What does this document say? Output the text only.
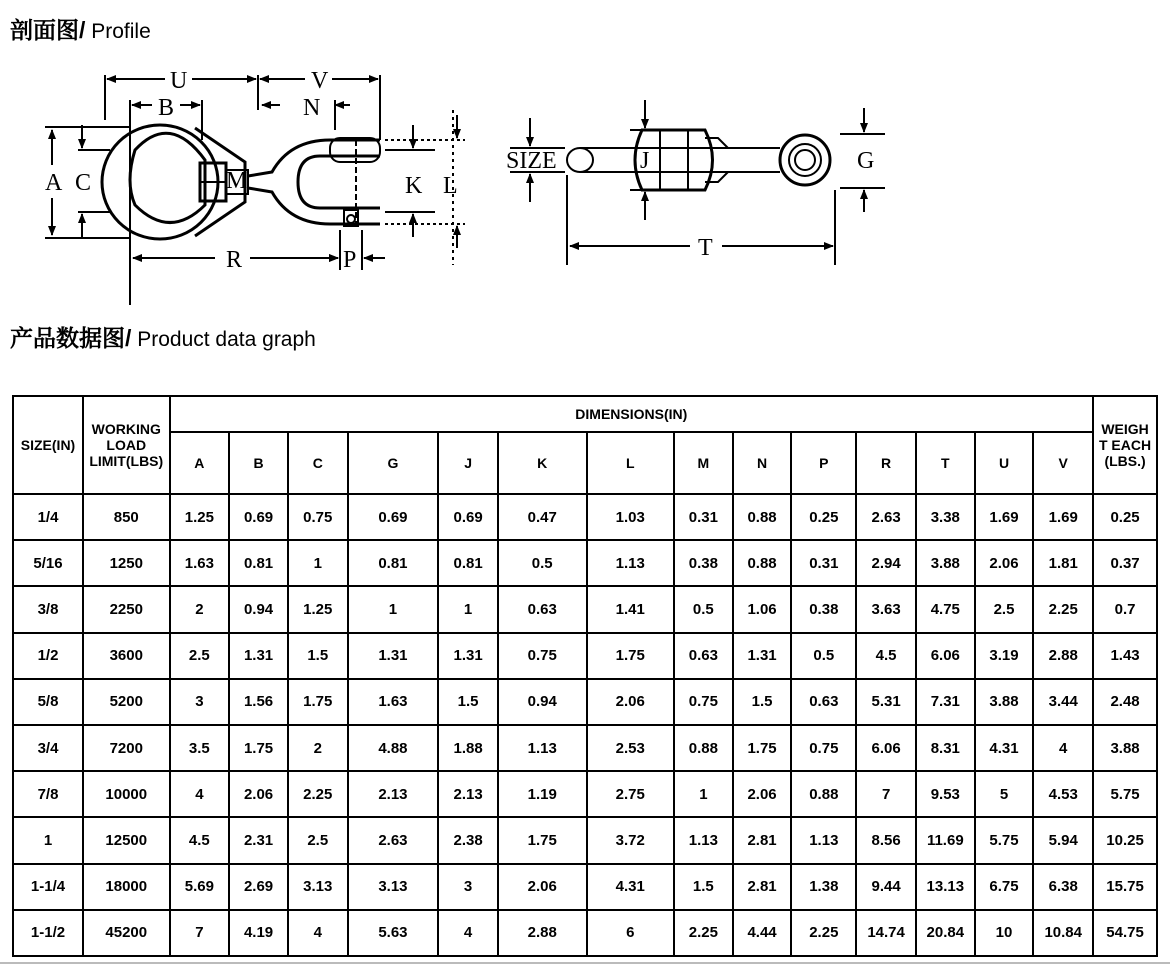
剖面图/ Profile
U	V
B	N
A C	M	K L
R	P
SIZE	J	G
T
产品数据图/ Product data graph
SIZE(IN)	WORKING
LOAD
LIMIT(LBS)	DIMENSIONS(IN)														WEIGH
T EACH
(LBS.)
		A	B	C	G	J	K	L	M	N	P	R	T	U	V	
1/4	850	1.25	0.69	0.75	0.69	0.69	0.47	1.03	0.31	0.88	0.25	2.63	3.38	1.69	1.69	0.25
5/16	1250	1.63	0.81	1	0.81	0.81	0.5	1.13	0.38	0.88	0.31	2.94	3.88	2.06	1.81	0.37
3/8	2250	2	0.94	1.25	1	1	0.63	1.41	0.5	1.06	0.38	3.63	4.75	2.5	2.25	0.7
1/2	3600	2.5	1.31	1.5	1.31	1.31	0.75	1.75	0.63	1.31	0.5	4.5	6.06	3.19	2.88	1.43
5/8	5200	3	1.56	1.75	1.63	1.5	0.94	2.06	0.75	1.5	0.63	5.31	7.31	3.88	3.44	2.48
3/4	7200	3.5	1.75	2	4.88	1.88	1.13	2.53	0.88	1.75	0.75	6.06	8.31	4.31	4	3.88
7/8	10000	4	2.06	2.25	2.13	2.13	1.19	2.75	1	2.06	0.88	7	9.53	5	4.53	5.75
1	12500	4.5	2.31	2.5	2.63	2.38	1.75	3.72	1.13	2.81	1.13	8.56	11.69	5.75	5.94	10.25
1-1/4	18000	5.69	2.69	3.13	3.13	3	2.06	4.31	1.5	2.81	1.38	9.44	13.13	6.75	6.38	15.75
1-1/2	45200	7	4.19	4	5.63	4	2.88	6	2.25	4.44	2.25	14.74	20.84	10	10.84	54.75
